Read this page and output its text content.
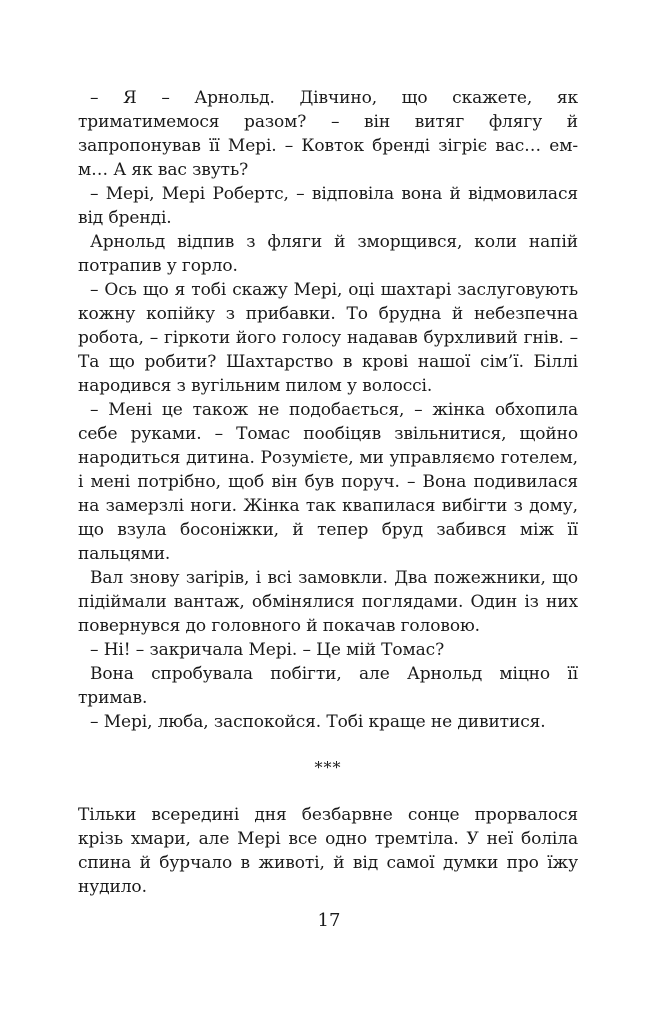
– Я – Арнольд. Дівчино, що скажете, як триматимемося разом? – він витяг флягу й запропонував її Мері. – Ковток бренді зігріє вас… ем-м… А як вас звуть?

– Мері, Мері Робертс, – відповіла вона й відмовилася від бренді.

Арнольд відпив з фляги й зморщився, коли напій потрапив у горло.

– Ось що я тобі скажу Мері, оці шахтарі заслуговують кожну копійку з прибавки. То брудна й небезпечна робота, – гіркоти його голосу надавав бурхливий гнів. – Та що робити? Шахтарство в крові нашої сім’ї. Біллі народився з вугільним пилом у волоссі.

– Мені це також не подобається, – жінка обхопила себе руками. – Томас пообіцяв звільнитися, щойно народиться дитина. Розумієте, ми управляємо готелем, і мені потрібно, щоб він був поруч. – Вона подивилася на замерзлі ноги. Жінка так квапилася вибігти з дому, що взула босоніжки, й тепер бруд забився між її пальцями.

Вал знову заripів, і всі замовкли. Два пожежники, що підіймали вантаж, обмінялися поглядами. Один із них повернувся до головного й покачав головою.

– Ні! – закричала Мері. – Це мій Томас?

Вона спробувала побігти, але Арнольд міцно її тримав.

– Мері, люба, заспокойся. Тобі краще не дивитися.

***

Тільки всередині дня безбарвне сонце прорвалося крізь хмари, але Мері все одно тремтіла. У неї боліла спина й бурчало в животі, й від самої думки про їжу нудило.

17
